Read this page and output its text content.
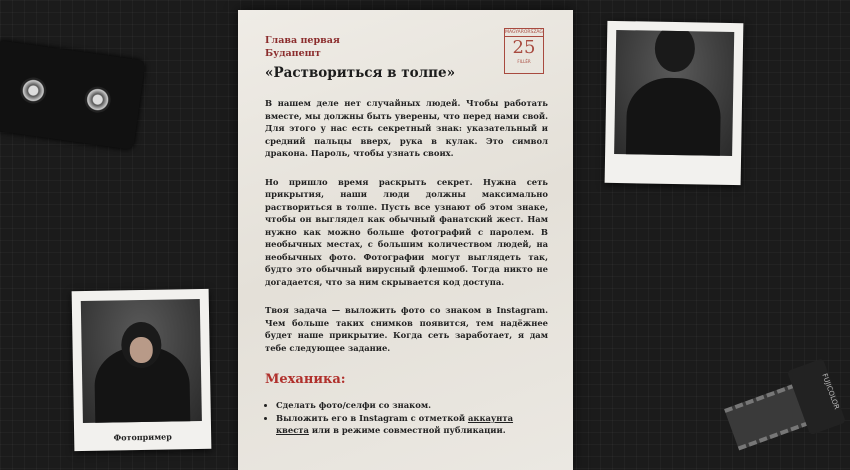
Фотопример
FUJICOLOR
MAGYARORSZÁG
25
FILLÉR
Глава первая
Будапешт
«Раствориться в толпе»

В нашем деле нет случайных людей. Чтобы работать вместе, мы должны быть уверены, что перед нами свой. Для этого у нас есть секретный знак: указательный и средний пальцы вверх, рука в кулак. Это символ дракона. Пароль, чтобы узнать своих.

Но пришло время раскрыть секрет. Нужна сеть прикрытия, наши люди должны максимально раствориться в толпе. Пусть все узнают об этом знаке, чтобы он выглядел как обычный фанатский жест. Нам нужно как можно больше фотографий с паролем. В необычных местах, с большим количеством людей, на необычных фото. Фотографии могут выглядеть так, будто это обычный вирусный флешмоб. Тогда никто не догадается, что за ним скрывается код доступа.

Твоя задача — выложить фото со знаком в Instagram. Чем больше таких снимков появится, тем надёжнее будет наше прикрытие. Когда сеть заработает, я дам тебе следующее задание.

Механика:
• Сделать фото/селфи со знаком.
• Выложить его в Instagram с отметкой аккаунта квеста или в режиме совместной публикации.
